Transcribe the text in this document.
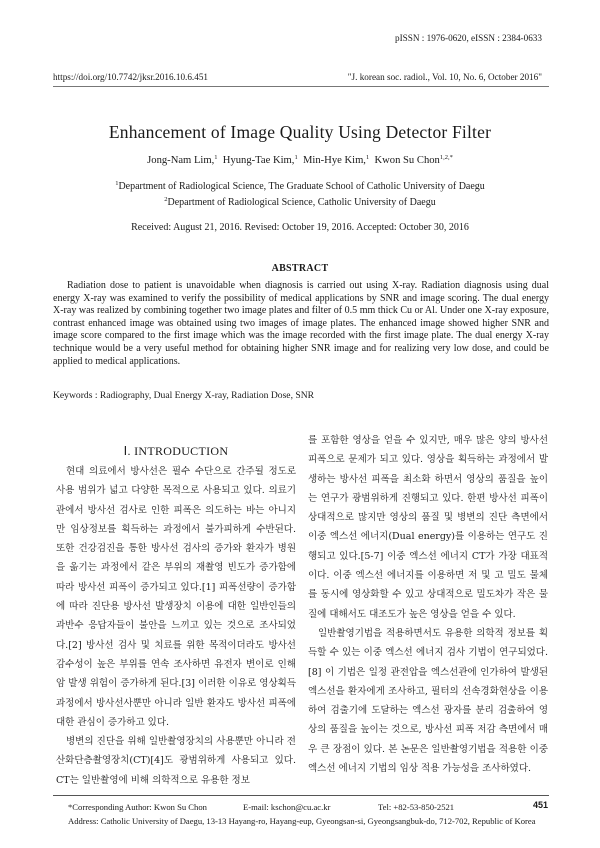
pISSN : 1976-0620, eISSN : 2384-0633
https://doi.org/10.7742/jksr.2016.10.6.451	"J. korean soc. radiol., Vol. 10, No. 6, October 2016"
Enhancement of Image Quality Using Detector Filter
Jong-Nam Lim,$^1$ Hyung-Tae Kim,$^1$ Min-Hye Kim,$^1$ Kwon Su Chon$^{1,2,*}$
$^1$Department of Radiological Science, The Graduate School of Catholic University of Daegu
$^2$Department of Radiological Science, Catholic University of Daegu
Received: August 21, 2016. Revised: October 19, 2016. Accepted: October 30, 2016
ABSTRACT

Radiation dose to patient is unavoidable when diagnosis is carried out using X-ray. Radiation diagnosis using dual energy X-ray was examined to verify the possibility of medical applications by SNR and image scoring. The dual energy X-ray was realized by combining together two image plates and filter of 0.5 mm thick Cu or Al. Under one X-ray exposure, contrast enhanced image was obtained using two images of image plates. The enhanced image showed higher SNR and image score compared to the first image which was the image recorded with the first image plate. The dual energy X-ray technique would be a very useful method for obtaining higher SNR image and for realizing very low dose, and could be applied to medical applications.

Keywords : Radiography, Dual Energy X-ray, Radiation Dose, SNR
Ⅰ. INTRODUCTION

현대 의료에서 방사선은 필수 수단으로 간주될 정도로 사용 범위가 넓고 다양한 목적으로 사용되고 있다. 의료기관에서 방사선 검사로 인한 피폭은 의도하는 바는 아니지만 임상정보를 획득하는 과정에서 불가피하게 수반된다. 또한 건강검진을 통한 방사선 검사의 증가와 환자가 병원을 옮기는 과정에서 같은 부위의 재촬영 빈도가 증가함에 따라 방사선 피폭이 증가되고 있다.[1] 피폭선량이 증가함에 따라 진단용 방사선 발생장치 이용에 대한 일반인들의 과반수 응답자들이 불안을 느끼고 있는 것으로 조사되었다.[2] 방사선 검사 및 치료를 위한 목적이더라도 방사선 감수성이 높은 부위를 연속 조사하면 유전자 변이로 인해 암 발생 위험이 증가하게 된다.[3] 이러한 이유로 영상획득 과정에서 방사선사뿐만 아니라 일반 환자도 방사선 피폭에 대한 관심이 증가하고 있다.

병변의 진단을 위해 일반촬영장치의 사용뿐만 아니라 전산화단층촬영장치(CT)[4]도 광범위하게 사용되고 있다. CT는 일반촬영에 비해 의학적으로 유용한 정보

를 포함한 영상을 얻을 수 있지만, 매우 많은 양의 방사선 피폭으로 문제가 되고 있다. 영상을 획득하는 과정에서 발생하는 방사선 피폭을 최소화 하면서 영상의 품질을 높이는 연구가 광범위하게 진행되고 있다. 한편 방사선 피폭이 상대적으로 많지만 영상의 품질 및 병변의 진단 측면에서 이중 엑스선 에너지(Dual energy)를 이용하는 연구도 진행되고 있다.[5-7] 이중 엑스선 에너지 CT가 가장 대표적이다. 이중 엑스선 에너지를 이용하면 저 및 고 밀도 물체를 동시에 영상화할 수 있고 상대적으로 밀도차가 작은 물질에 대해서도 대조도가 높은 영상을 얻을 수 있다.

일반촬영기법을 적용하면서도 유용한 의학적 정보를 획득할 수 있는 이중 엑스선 에너지 검사 기법이 연구되었다.[8] 이 기법은 일정 관전압을 엑스선관에 인가하여 발생된 엑스선을 환자에게 조사하고, 필터의 선속경화현상을 이용하여 검출기에 도달하는 엑스선 광자를 분리 검출하여 영상의 품질을 높이는 것으로, 방사선 피폭 저감 측면에서 매우 큰 장점이 있다. 본 논문은 일반촬영기법을 적용한 이중 엑스선 에너지 기법의 임상 적용 가능성을 조사하였다.

*Corresponding Author: Kwon Su Chon	E-mail: kschon@cu.ac.kr	Tel: +82-53-850-2521	451
Address: Catholic University of Daegu, 13-13 Hayang-ro, Hayang-eup, Gyeongsan-si, Gyeongsangbuk-do, 712-702, Republic of Korea
